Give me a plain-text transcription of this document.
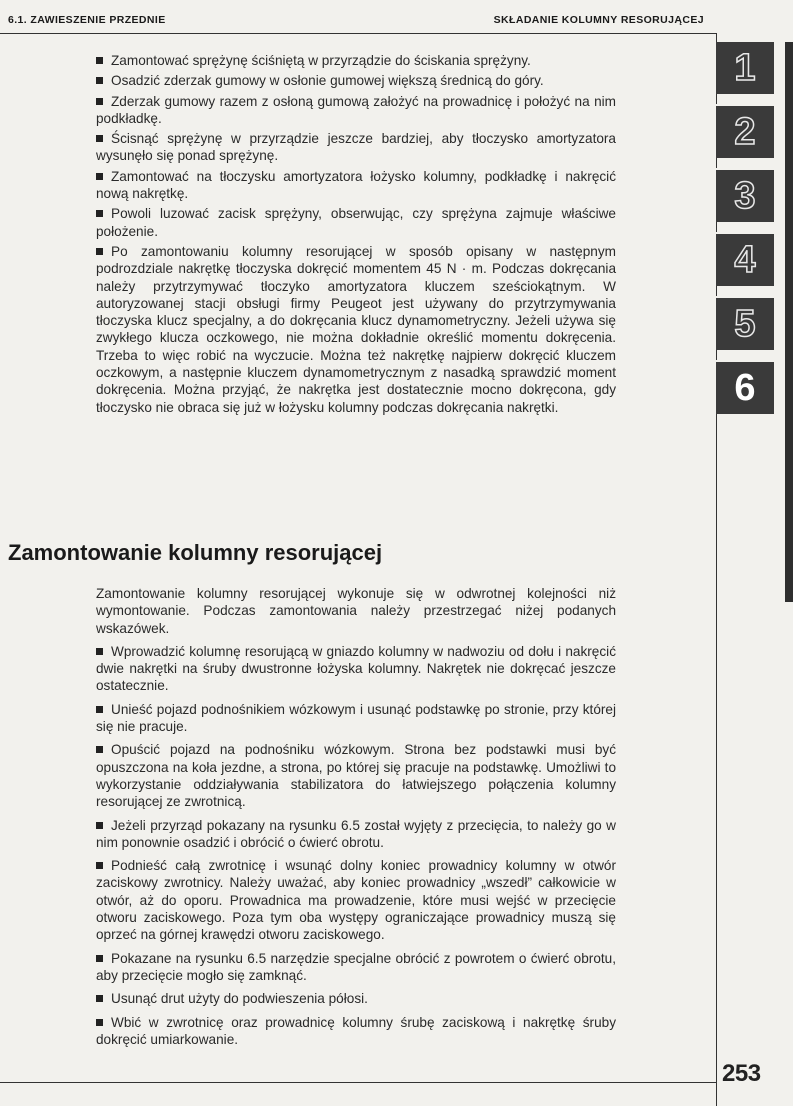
6.1. ZAWIESZENIE PRZEDNIE	SKŁADANIE KOLUMNY RESORUJĄCEJ
1
2
3
4
5
6

Zamontować sprężynę ściśniętą w przyrządzie do ściskania sprężyny.

Osadzić zderzak gumowy w osłonie gumowej większą średnicą do góry.

Zderzak gumowy razem z osłoną gumową założyć na prowadnicę i położyć na nim podkładkę.

Ścisnąć sprężynę w przyrządzie jeszcze bardziej, aby tłoczysko amortyzatora wysunęło się ponad sprężynę.

Zamontować na tłoczysku amortyzatora łożysko kolumny, podkładkę i nakręcić nową nakrętkę.

Powoli luzować zacisk sprężyny, obserwując, czy sprężyna zajmuje właściwe położenie.

Po zamontowaniu kolumny resorującej w sposób opisany w następnym podrozdziale nakrętkę tłoczyska dokręcić momentem 45 N · m. Podczas dokręcania należy przytrzymywać tłoczyko amortyzatora kluczem sześciokątnym. W autoryzowanej stacji obsługi firmy Peugeot jest używany do przytrzymywania tłoczyska klucz specjalny, a do dokręcania klucz dynamometryczny. Jeżeli używa się zwykłego klucza oczkowego, nie można dokładnie określić momentu dokręcenia. Trzeba to więc robić na wyczucie. Można też nakrętkę najpierw dokręcić kluczem oczkowym, a następnie kluczem dynamometrycznym z nasadką sprawdzić moment dokręcenia. Można przyjąć, że nakrętka jest dostatecznie mocno dokręcona, gdy tłoczysko nie obraca się już w łożysku kolumny podczas dokręcania nakrętki.

Zamontowanie kolumny resorującej

Zamontowanie kolumny resorującej wykonuje się w odwrotnej kolejności niż wymontowanie. Podczas zamontowania należy przestrzegać niżej podanych wskazówek.

Wprowadzić kolumnę resorującą w gniazdo kolumny w nadwoziu od dołu i nakręcić dwie nakrętki na śruby dwustronne łożyska kolumny. Nakrętek nie dokręcać jeszcze ostatecznie.

Unieść pojazd podnośnikiem wózkowym i usunąć podstawkę po stronie, przy której się nie pracuje.

Opuścić pojazd na podnośniku wózkowym. Strona bez podstawki musi być opuszczona na koła jezdne, a strona, po której się pracuje na podstawkę. Umożliwi to wykorzystanie oddziaływania stabilizatora do łatwiejszego połączenia kolumny resorującej ze zwrotnicą.

Jeżeli przyrząd pokazany na rysunku 6.5 został wyjęty z przecięcia, to należy go w nim ponownie osadzić i obrócić o ćwierć obrotu.

Podnieść całą zwrotnicę i wsunąć dolny koniec prowadnicy kolumny w otwór zaciskowy zwrotnicy. Należy uważać, aby koniec prowadnicy „wszedł” całkowicie w otwór, aż do oporu. Prowadnica ma prowadzenie, które musi wejść w przecięcie otworu zaciskowego. Poza tym oba występy ograniczające prowadnicy muszą się oprzeć na górnej krawędzi otworu zaciskowego.

Pokazane na rysunku 6.5 narzędzie specjalne obrócić z powrotem o ćwierć obrotu, aby przecięcie mogło się zamknąć.

Usunąć drut użyty do podwieszenia półosi.

Wbić w zwrotnicę oraz prowadnicę kolumny śrubę zaciskową i nakrętkę śruby dokręcić umiarkowanie.

253
